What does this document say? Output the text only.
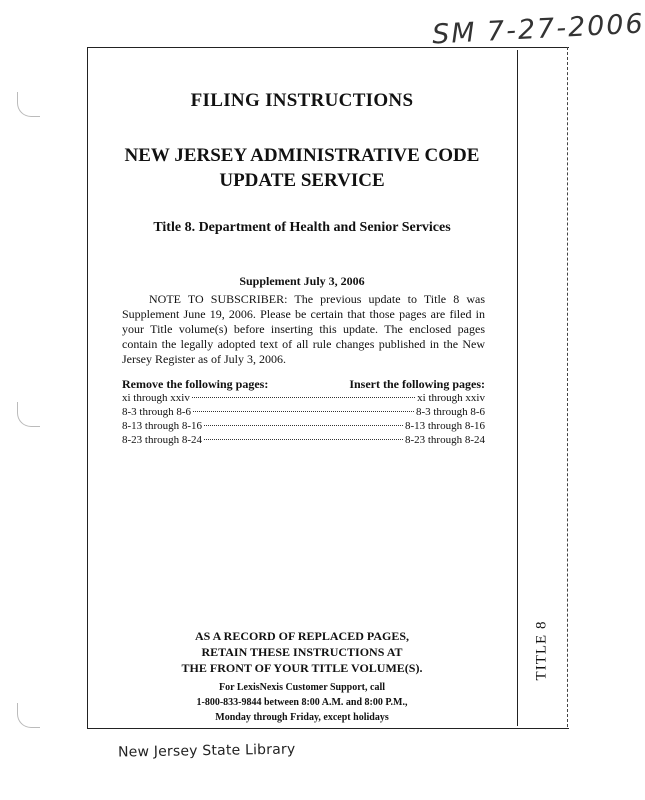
SM 7-27-2006
FILING INSTRUCTIONS
NEW JERSEY ADMINISTRATIVE CODE
UPDATE SERVICE
Title 8. Department of Health and Senior Services
Supplement July 3, 2006
NOTE TO SUBSCRIBER: The previous update to Title 8 was Supplement June 19, 2006. Please be certain that those pages are filed in your Title volume(s) before inserting this update. The enclosed pages contain the legally adopted text of all rule changes published in the New Jersey Register as of July 3, 2006.
Remove the following pages:	Insert the following pages:
xi through xxiv	xi through xxiv
8-3 through 8-6	8-3 through 8-6
8-13 through 8-16	8-13 through 8-16
8-23 through 8-24	8-23 through 8-24
AS A RECORD OF REPLACED PAGES,
RETAIN THESE INSTRUCTIONS AT
THE FRONT OF YOUR TITLE VOLUME(S).
For LexisNexis Customer Support, call
1-800-833-9844 between 8:00 A.M. and 8:00 P.M.,
Monday through Friday, except holidays
TITLE 8
New Jersey State Library
